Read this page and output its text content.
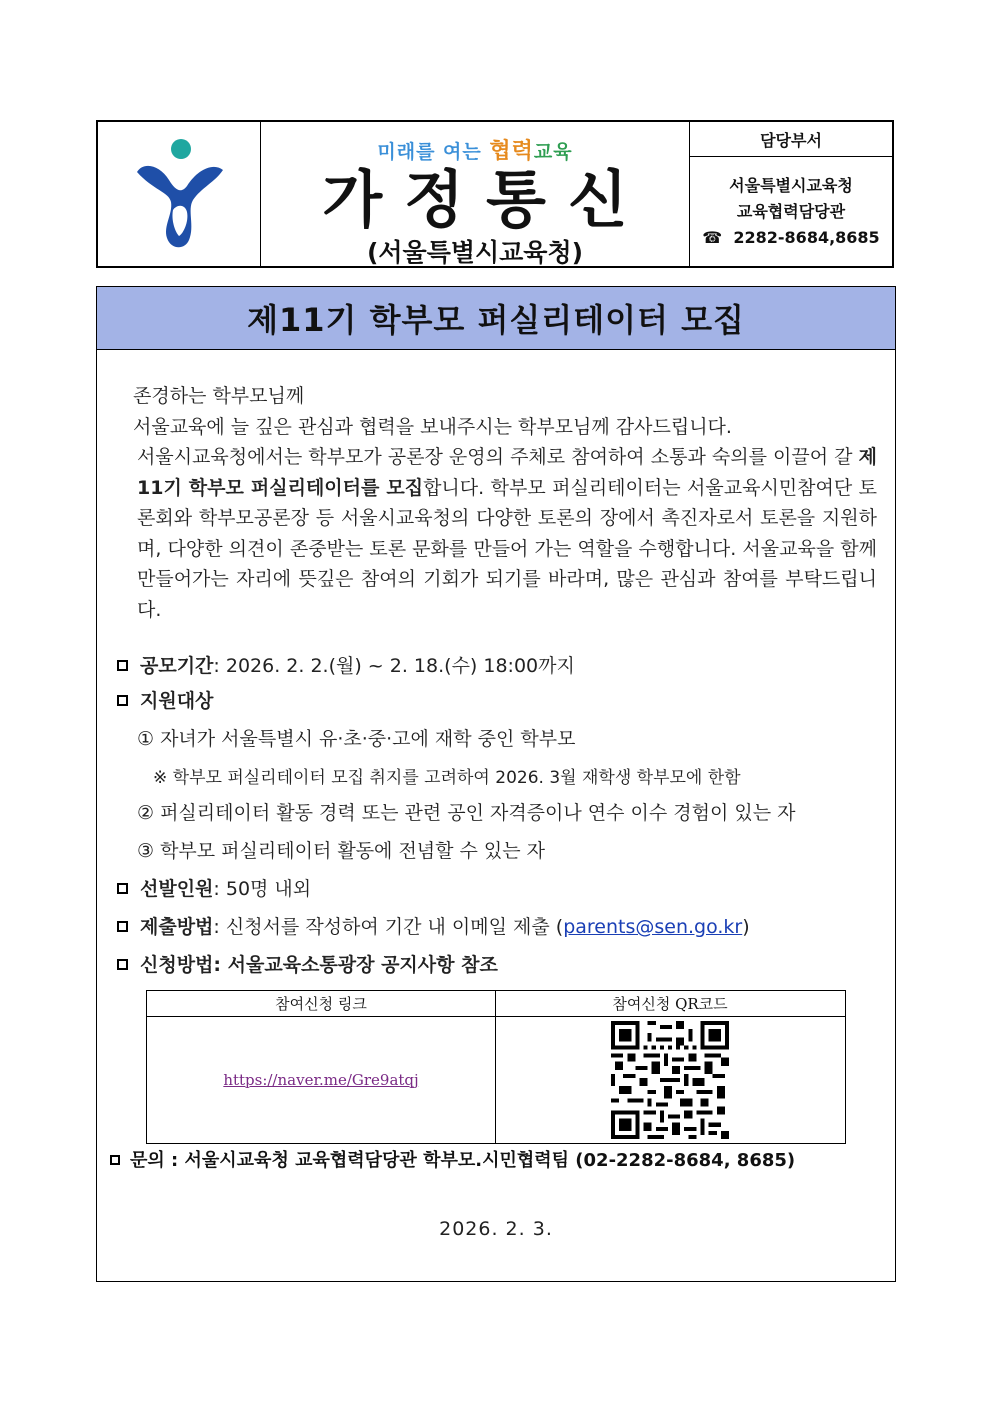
미래를 여는 협력교육
가정통신
(서울특별시교육청)
담당부서
서울특별시교육청
교육협력담당관
☎ 2282-8684,8685
제11기 학부모 퍼실리테이터 모집

존경하는 학부모님께

서울교육에 늘 깊은 관심과 협력을 보내주시는 학부모님께 감사드립니다.

서울시교육청에서는 학부모가 공론장 운영의 주체로 참여하여 소통과 숙의를 이끌어 갈 제11기 학부모 퍼실리테이터를 모집합니다. 학부모 퍼실리테이터는 서울교육시민참여단 토론회와 학부모공론장 등 서울시교육청의 다양한 토론의 장에서 촉진자로서 토론을 지원하며, 다양한 의견이 존중받는 토론 문화를 만들어 가는 역할을 수행합니다. 서울교육을 함께 만들어가는 자리에 뜻깊은 참여의 기회가 되기를 바라며, 많은 관심과 참여를 부탁드립니다.

공모기간: 2026. 2. 2.(월) ~ 2. 18.(수) 18:00까지
지원대상
① 자녀가 서울특별시 유·초·중·고에 재학 중인 학부모
※ 학부모 퍼실리테이터 모집 취지를 고려하여 2026. 3월 재학생 학부모에 한함
② 퍼실리테이터 활동 경력 또는 관련 공인 자격증이나 연수 이수 경험이 있는 자
③ 학부모 퍼실리테이터 활동에 전념할 수 있는 자
선발인원: 50명 내외
제출방법: 신청서를 작성하여 기간 내 이메일 제출 (parents@sen.go.kr)
신청방법: 서울교육소통광장 공지사항 참조
참여신청 링크	참여신청 QR코드
https://naver.me/Gre9atqj
문의 : 서울시교육청 교육협력담당관 학부모.시민협력팀 (02-2282-8684, 8685)
2026. 2. 3.
